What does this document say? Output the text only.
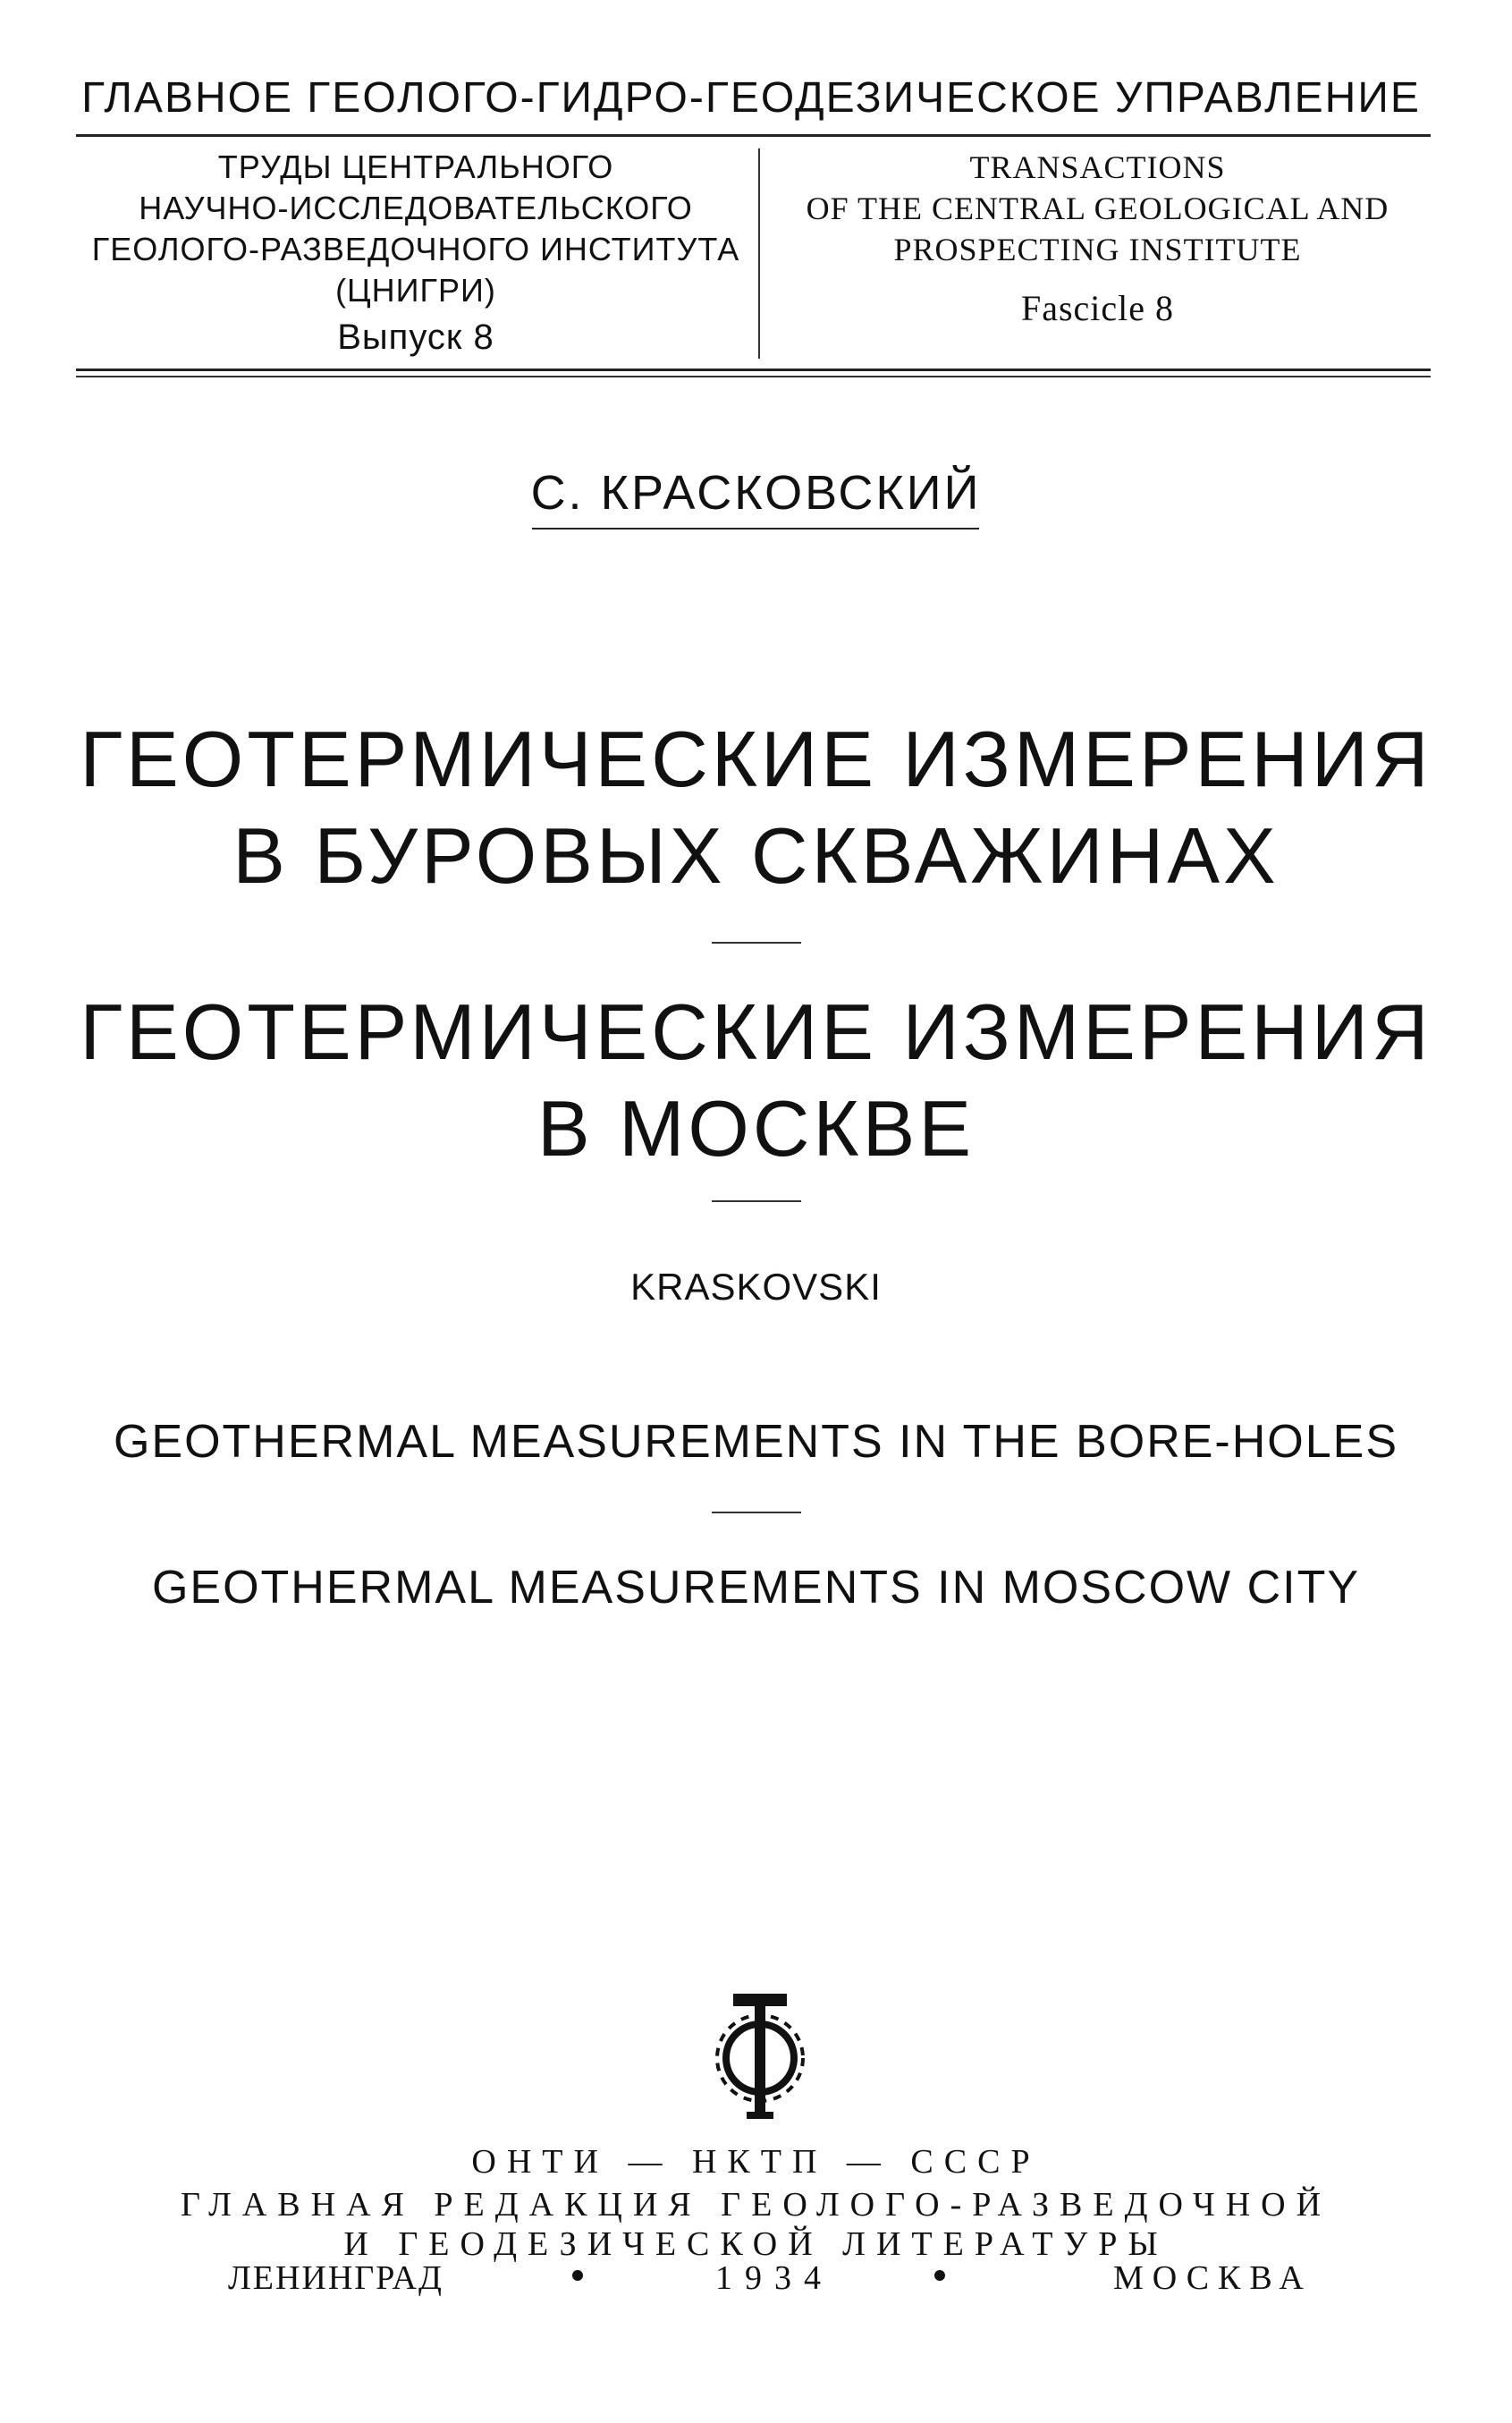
ГЛАВНОЕ ГЕОЛОГО-ГИДРО-ГЕОДЕЗИЧЕСКОЕ УПРАВЛЕНИЕ
ТРУДЫ ЦЕНТРАЛЬНОГО
НАУЧНО-ИССЛЕДОВАТЕЛЬСКОГО
ГЕОЛОГО-РАЗВЕДОЧНОГО ИНСТИТУТА
(ЦНИГРИ)
Выпуск 8
TRANSACTIONS
OF THE CENTRAL GEOLOGICAL AND
PROSPECTING INSTITUTE
Fascicle 8
С. КРАСКОВСКИЙ
ГЕОТЕРМИЧЕСКИЕ ИЗМЕРЕНИЯ
В БУРОВЫХ СКВАЖИНАХ
ГЕОТЕРМИЧЕСКИЕ ИЗМЕРЕНИЯ
В МОСКВЕ
KRASKOVSKI
GEOTHERMAL MEASUREMENTS IN THE BORE-HOLES
GEOTHERMAL MEASUREMENTS IN MOSCOW CITY
ОНТИ — НКТП — СССР
ГЛАВНАЯ РЕДАКЦИЯ ГЕОЛОГО-РАЗВЕДОЧНОЙ
И ГЕОДЕЗИЧЕСКОЙ ЛИТЕРАТУРЫ
ЛЕНИНГРАД	1934	МОСКВА
